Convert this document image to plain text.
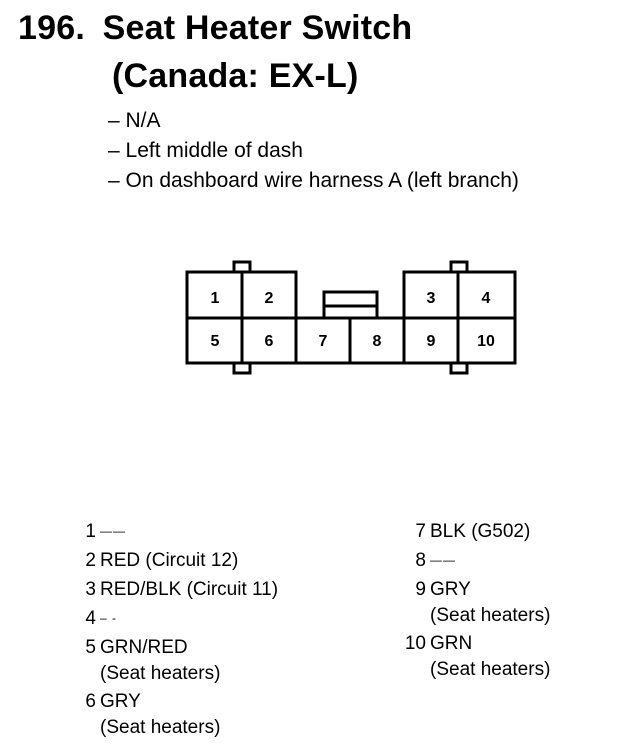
196. Seat Heater Switch
(Canada: EX-L)
– N/A
– Left middle of dash
– On dashboard wire harness A (left branch)
1	2	3	4
5	6	7	8	9	10
1 ——
2 RED (Circuit 12)
3 RED/BLK (Circuit 11)
4 – -
5 GRN/RED
(Seat heaters)
6 GRY
(Seat heaters)
7 BLK (G502)
8 ——
9 GRY
(Seat heaters)
10 GRN
(Seat heaters)
